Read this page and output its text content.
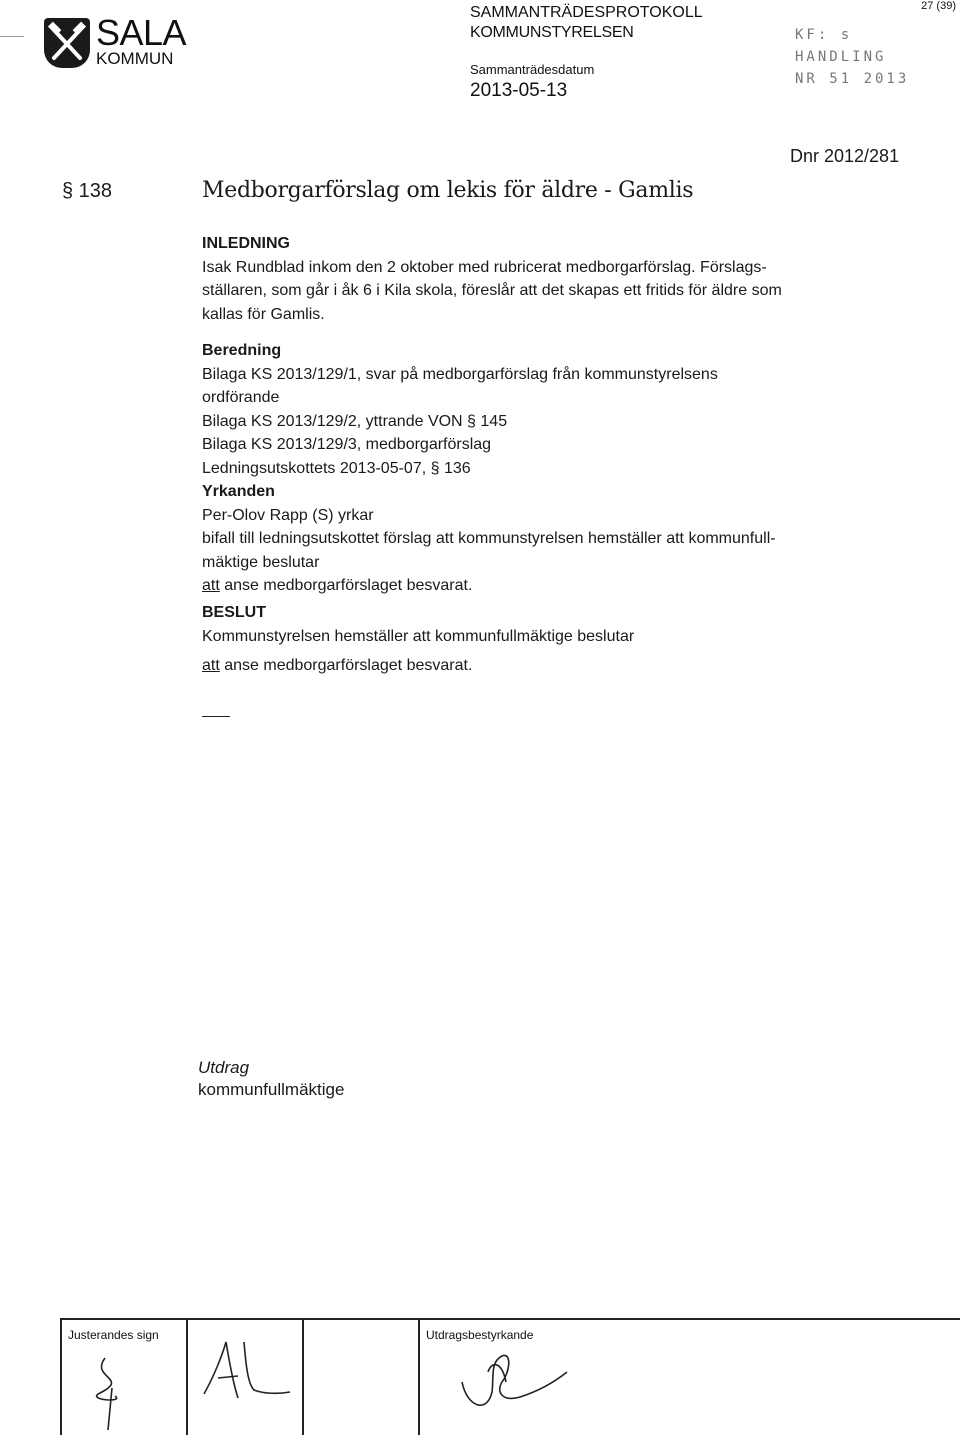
SALA
KOMMUN
SAMMANTRÄDESPROTOKOLL
KOMMUNSTYRELSEN
Sammanträdesdatum
2013-05-13
27 (39)
KF: s
HANDLING
NR 51 2013
Dnr 2012/281
§ 138	Medborgarförslag om lekis för äldre - Gamlis
INLEDNING
Isak Rundblad inkom den 2 oktober med rubricerat medborgarförslag. Förslags-
ställaren, som går i åk 6 i Kila skola, föreslår att det skapas ett fritids för äldre som
kallas för Gamlis.
Beredning
Bilaga KS 2013/129/1, svar på medborgarförslag från kommunstyrelsens
ordförande
Bilaga KS 2013/129/2, yttrande VON § 145
Bilaga KS 2013/129/3, medborgarförslag
Ledningsutskottets 2013-05-07, § 136
Yrkanden
Per-Olov Rapp (S) yrkar
bifall till ledningsutskottet förslag att kommunstyrelsen hemställer att kommunfull-
mäktige beslutar
att anse medborgarförslaget besvarat.
BESLUT
Kommunstyrelsen hemställer att kommunfullmäktige beslutar
att anse medborgarförslaget besvarat.
Utdrag
kommunfullmäktige
Justerandes sign	Utdragsbestyrkande
